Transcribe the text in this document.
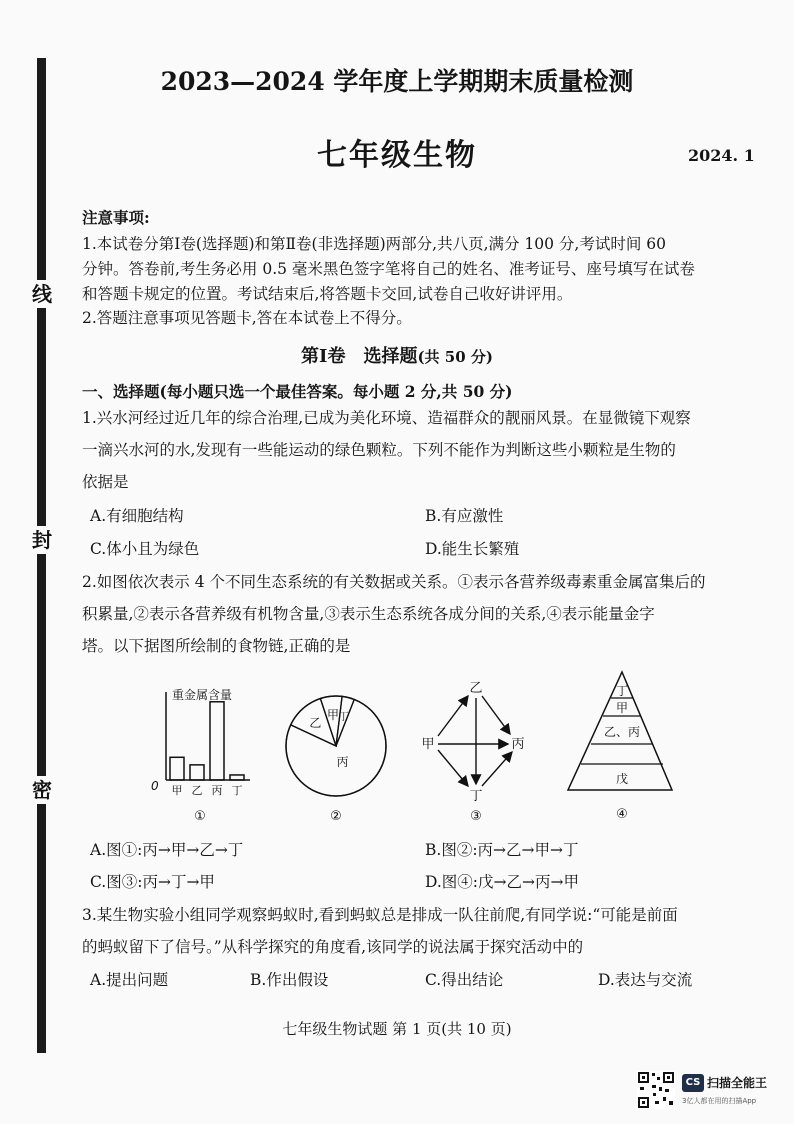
线
封
密
2023—2024 学年度上学期期末质量检测
七年级生物	2024. 1
注意事项:
1.本试卷分第Ⅰ卷(选择题)和第Ⅱ卷(非选择题)两部分,共八页,满分 100 分,考试时间 60
分钟。答卷前,考生务必用 0.5 毫米黑色签字笔将自己的姓名、准考证号、座号填写在试卷
和答题卡规定的位置。考试结束后,将答题卡交回,试卷自己收好讲评用。
2.答题注意事项见答题卡,答在本试卷上不得分。
第Ⅰ卷　选择题(共 50 分)
一、选择题(每小题只选一个最佳答案。每小题 2 分,共 50 分)
1.兴水河经过近几年的综合治理,已成为美化环境、造福群众的靓丽风景。在显微镜下观察
一滴兴水河的水,发现有一些能运动的绿色颗粒。下列不能作为判断这些小颗粒是生物的
依据是
A.有细胞结构	B.有应激性
C.体小且为绿色	D.能生长繁殖
2.如图依次表示 4 个不同生态系统的有关数据或关系。①表示各营养级毒素重金属富集后的
积累量,②表示各营养级有机物含量,③表示生态系统各成分间的关系,④表示能量金字
塔。以下据图所绘制的食物链,正确的是
重金属含量
0 甲 乙 丙 丁
①
乙
甲 丁
丙
②
乙
甲	丙
丁
③
丁
甲
乙、丙
戊
④
A.图①:丙→甲→乙→丁	B.图②:丙→乙→甲→丁
C.图③:丙→丁→甲	D.图④:戊→乙→丙→甲
3.某生物实验小组同学观察蚂蚁时,看到蚂蚁总是排成一队往前爬,有同学说:“可能是前面
的蚂蚁留下了信号。”从科学探究的角度看,该同学的说法属于探究活动中的
A.提出问题	B.作出假设	C.得出结论	D.表达与交流
七年级生物试题 第 1 页(共 10 页)
CS 扫描全能王
3亿人都在用的扫描App
